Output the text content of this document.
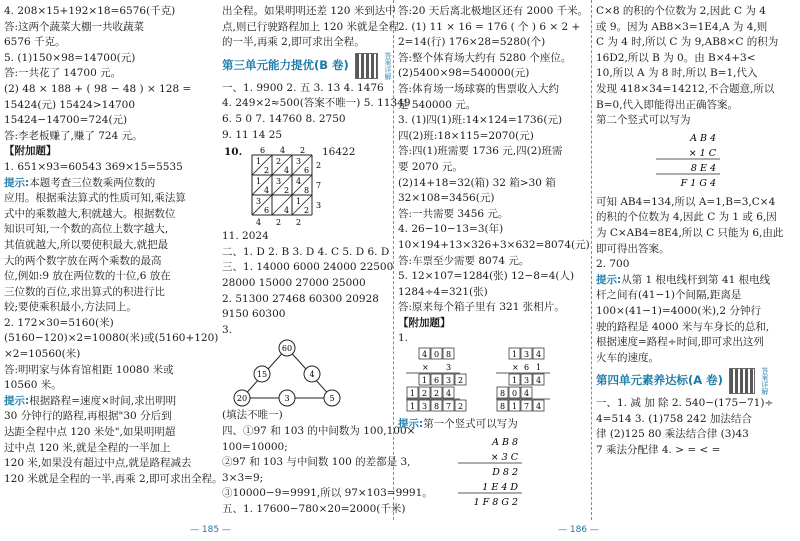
4. 208×15+192×18=6576(千克)
答:这两个蔬菜大棚一共收蔬菜
6576 千克。
5. (1)150×98=14700(元)
答:一共花了 14700 元。
(2) 48 × 188 + ( 98 − 48 ) × 128 =
15424(元) 15424>14700
15424−14700=724(元)
答:李老板赚了,赚了 724 元。
【附加题】
1. 651×93=60543 369×15=5535
提示:本题考查三位数乘两位数的
应用。根据乘法算式的性质可知,乘法算
式中的乘数越大,积就越大。根据数位
知识可知,一个数的高位上数字越大,
其值就越大,所以要使积最大,就把最
大的两个数字放在两个乘数的最高
位,例如:9 放在两位数的十位,6 放在
三位数的百位,求出算式的积进行比
较;要使乘积最小,方法同上。
2. 172×30=5160(米)
(5160−120)×2=10080(米)或(5160+120)
×2=10560(米)
答:明明家与体育馆相距 10080 米或
10560 米。
提示:根据路程=速度×时间,求出明明
30 分钟行的路程,再根据"30 分后到
达距全程中点 120 米处",如果明明超
过中点 120 米,就是全程的一半加上
120 米,如果没有超过中点,就是路程减去
120 米就是全程的一半,再乘 2,即可求出全程。
出全程。如果明明还差 120 米到达中
点,则已行驶路程加上 120 米就是全程
的一半,再乘 2,即可求出全程。
第三单元能力提优(B 卷)	答案详解
一、1. 9900 2. 五 3. 13 4. 1476
4. 249×2≈500(答案不唯一) 5. 11349
6. 5 0 7. 14760 8. 2750
9. 11 14 25
10.	16422
1
2
2
4
3
6
1
4
3
2
4
8
3
6 4
1
2
6 4 2
2
7
3
4 2 2
11. 2024
二、1. D 2. B 3. D 4. C 5. D 6. D
三、1. 14000 6000 24000 22500
28000 15000 27000 25000
2. 51300 27468 60300 20928
9150 60300
3.
60
15	4
20	3	5
(填法不唯一)
四、①97 和 103 的中间数为 100,100×
100=10000;
②97 和 103 与中间数 100 的差都是 3,
3×3=9;
③10000−9=9991,所以 97×103=9991。
五、1. 17600−780×20=2000(千米)
答:20 天后离北极地区还有 2000 千米。
2. (1) 11 × 16 = 176 ( 个 ) 6 × 2 +
2=14(行) 176×28=5280(个)
答:整个体育场大约有 5280 个座位。
(2)5400×98=540000(元)
答:体育场一场球赛的售票收入大约
是 540000 元。
3. (1)四(1)班:14×124=1736(元)
四(2)班:18×115=2070(元)
答:四(1)班需要 1736 元,四(2)班需
要 2070 元。
(2)14+18=32(箱) 32 箱>30 箱
32×108=3456(元)
答:一共需要 3456 元。
4. 26−10−13=3(年)
10×194+13×326+3×632=8074(元)
答:车票至少需要 8074 元。
5. 12×107=1284(张) 12−8=4(人)
1284÷4=321(张)
答:原来每个箱子里有 321 张相片。
【附加题】
1.
4 0 8
× 3
1 6 3 2
1 2 2 4
1 3 8 7 2
1 3 4
× 6 1
1 3 4
8 0 4
8 1 7 4
提示:第一个竖式可以写为
A B 8
× 3 C
D 8 2
1 E 4 D
1 F 8 G 2
C×8 的积的个位数为 2,因此 C 为 4
或 9。因为 AB8×3=1E4,A 为 4,则
C 为 4 时,所以 C 为 9,AB8×C 的积为
16D2,所以 B 为 0。由 B×4+3<
10,所以 A 为 8 时,所以 B=1,代入
发现 418×34=14212,不合题意,所以
B=0,代入即能得出正确答案。
第二个竖式可以写为
A B 4
× 1 C
8 E 4
F 1 G 4
可知 AB4=134,所以 A=1,B=3,C×4
的积的个位数为 4,因此 C 为 1 或 6,因
为 C×AB4=8E4,所以 C 只能为 6,由此
即可得出答案。
2. 700
提示:从第 1 根电线杆到第 41 根电线
杆之间有(41−1)个间隔,距离是
100×(41−1)=4000(米),2 分钟行
驶的路程是 4000 米与车身长的总和,
根据速度=路程÷时间,即可求出这列
火车的速度。
第四单元素养达标(A 卷)	答案详解
一、1. 减 加 除 2. 540−(175−71)÷
4=514 3. (1)758 242 加法结合
律 (2)125 80 乘法结合律 (3)43
7 乘法分配律 4. > = < =
— 185 —	— 186 —
